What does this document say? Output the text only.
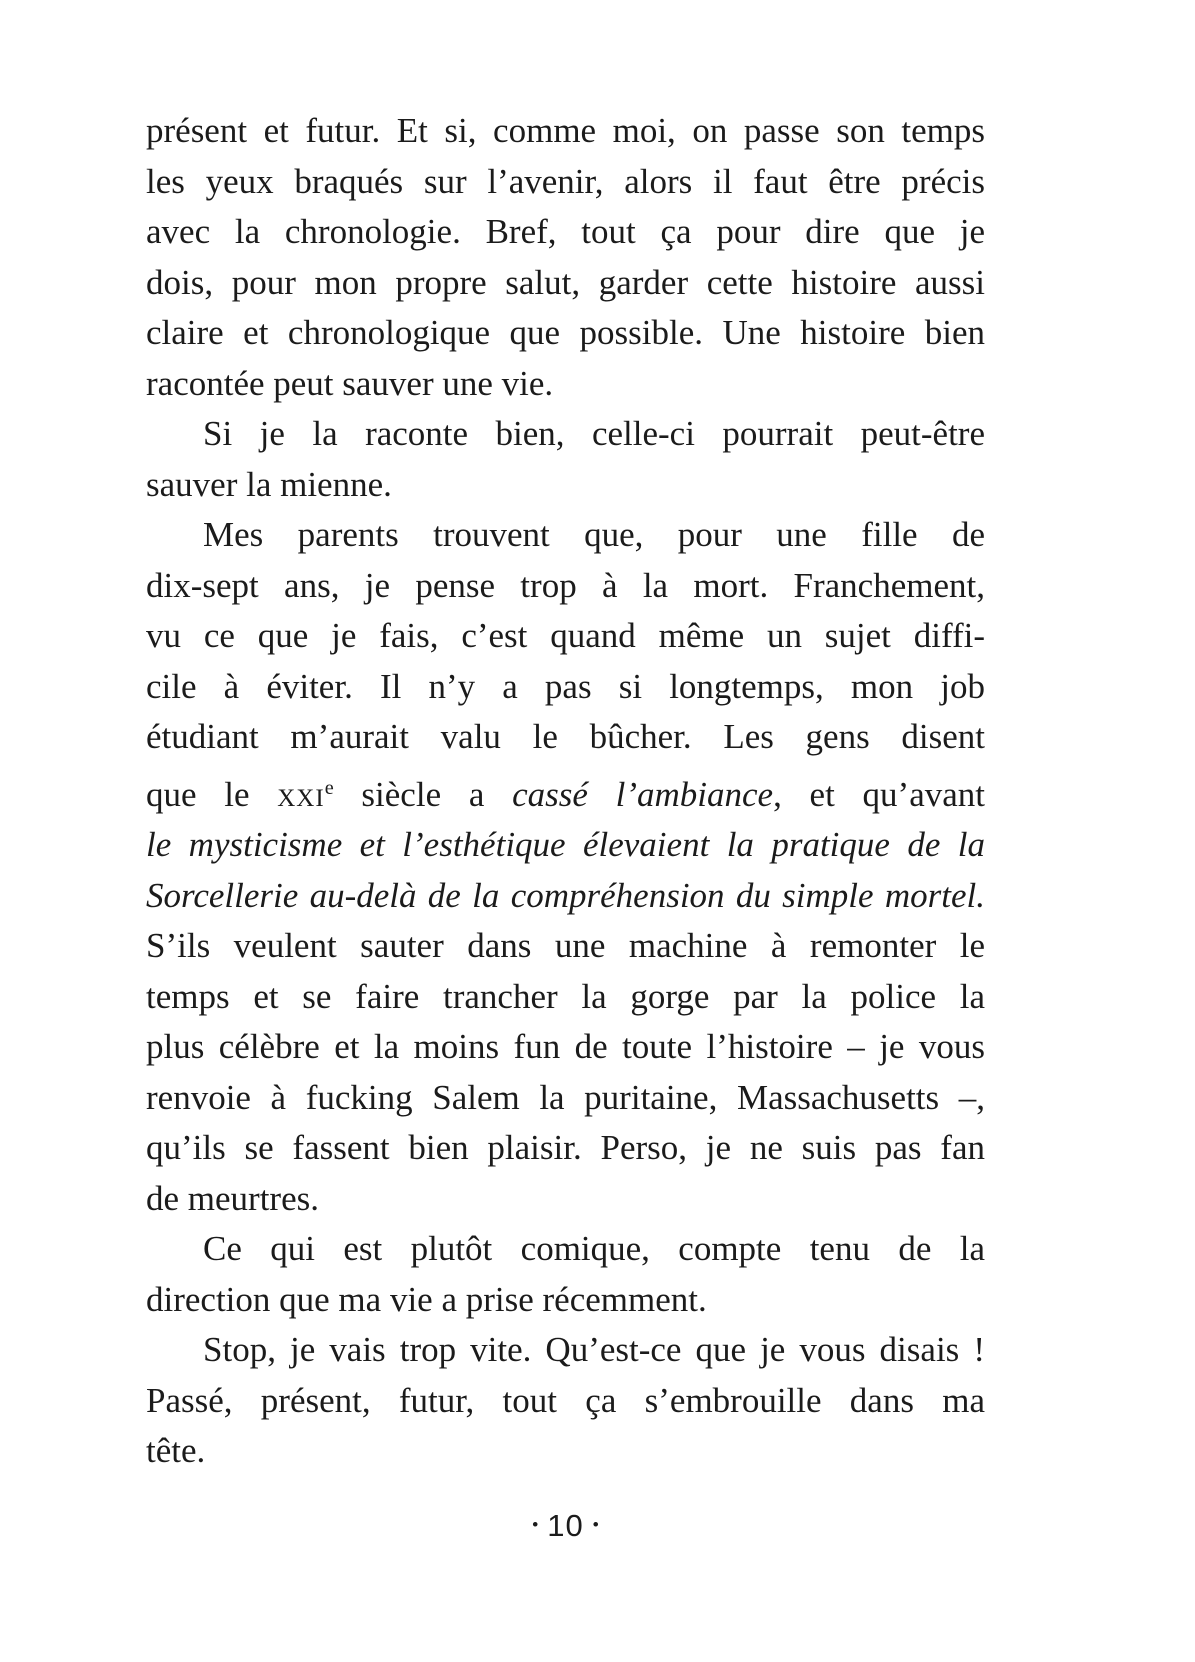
présent et futur. Et si, comme moi, on passe son temps
les yeux braqués sur l’avenir, alors il faut être précis
avec la chronologie. Bref, tout ça pour dire que je
dois, pour mon propre salut, garder cette histoire aussi
claire et chronologique que possible. Une histoire bien
racontée peut sauver une vie.
Si je la raconte bien, celle-ci pourrait peut-être
sauver la mienne.
Mes parents trouvent que, pour une fille de
dix-sept ans, je pense trop à la mort. Franchement,
vu ce que je fais, c’est quand même un sujet diffi-
cile à éviter. Il n’y a pas si longtemps, mon job
étudiant m’aurait valu le bûcher. Les gens disent
que le xxi$^e$ siècle a cassé l’ambiance, et qu’avant
le mysticisme et l’esthétique élevaient la pratique de la
Sorcellerie au-delà de la compréhension du simple mortel.
S’ils veulent sauter dans une machine à remonter le
temps et se faire trancher la gorge par la police la
plus célèbre et la moins fun de toute l’histoire – je vous
renvoie à fucking Salem la puritaine, Massachusetts –,
qu’ils se fassent bien plaisir. Perso, je ne suis pas fan
de meurtres.
Ce qui est plutôt comique, compte tenu de la
direction que ma vie a prise récemment.
Stop, je vais trop vite. Qu’est-ce que je vous disais !
Passé, présent, futur, tout ça s’embrouille dans ma
tête.
• 10 •
